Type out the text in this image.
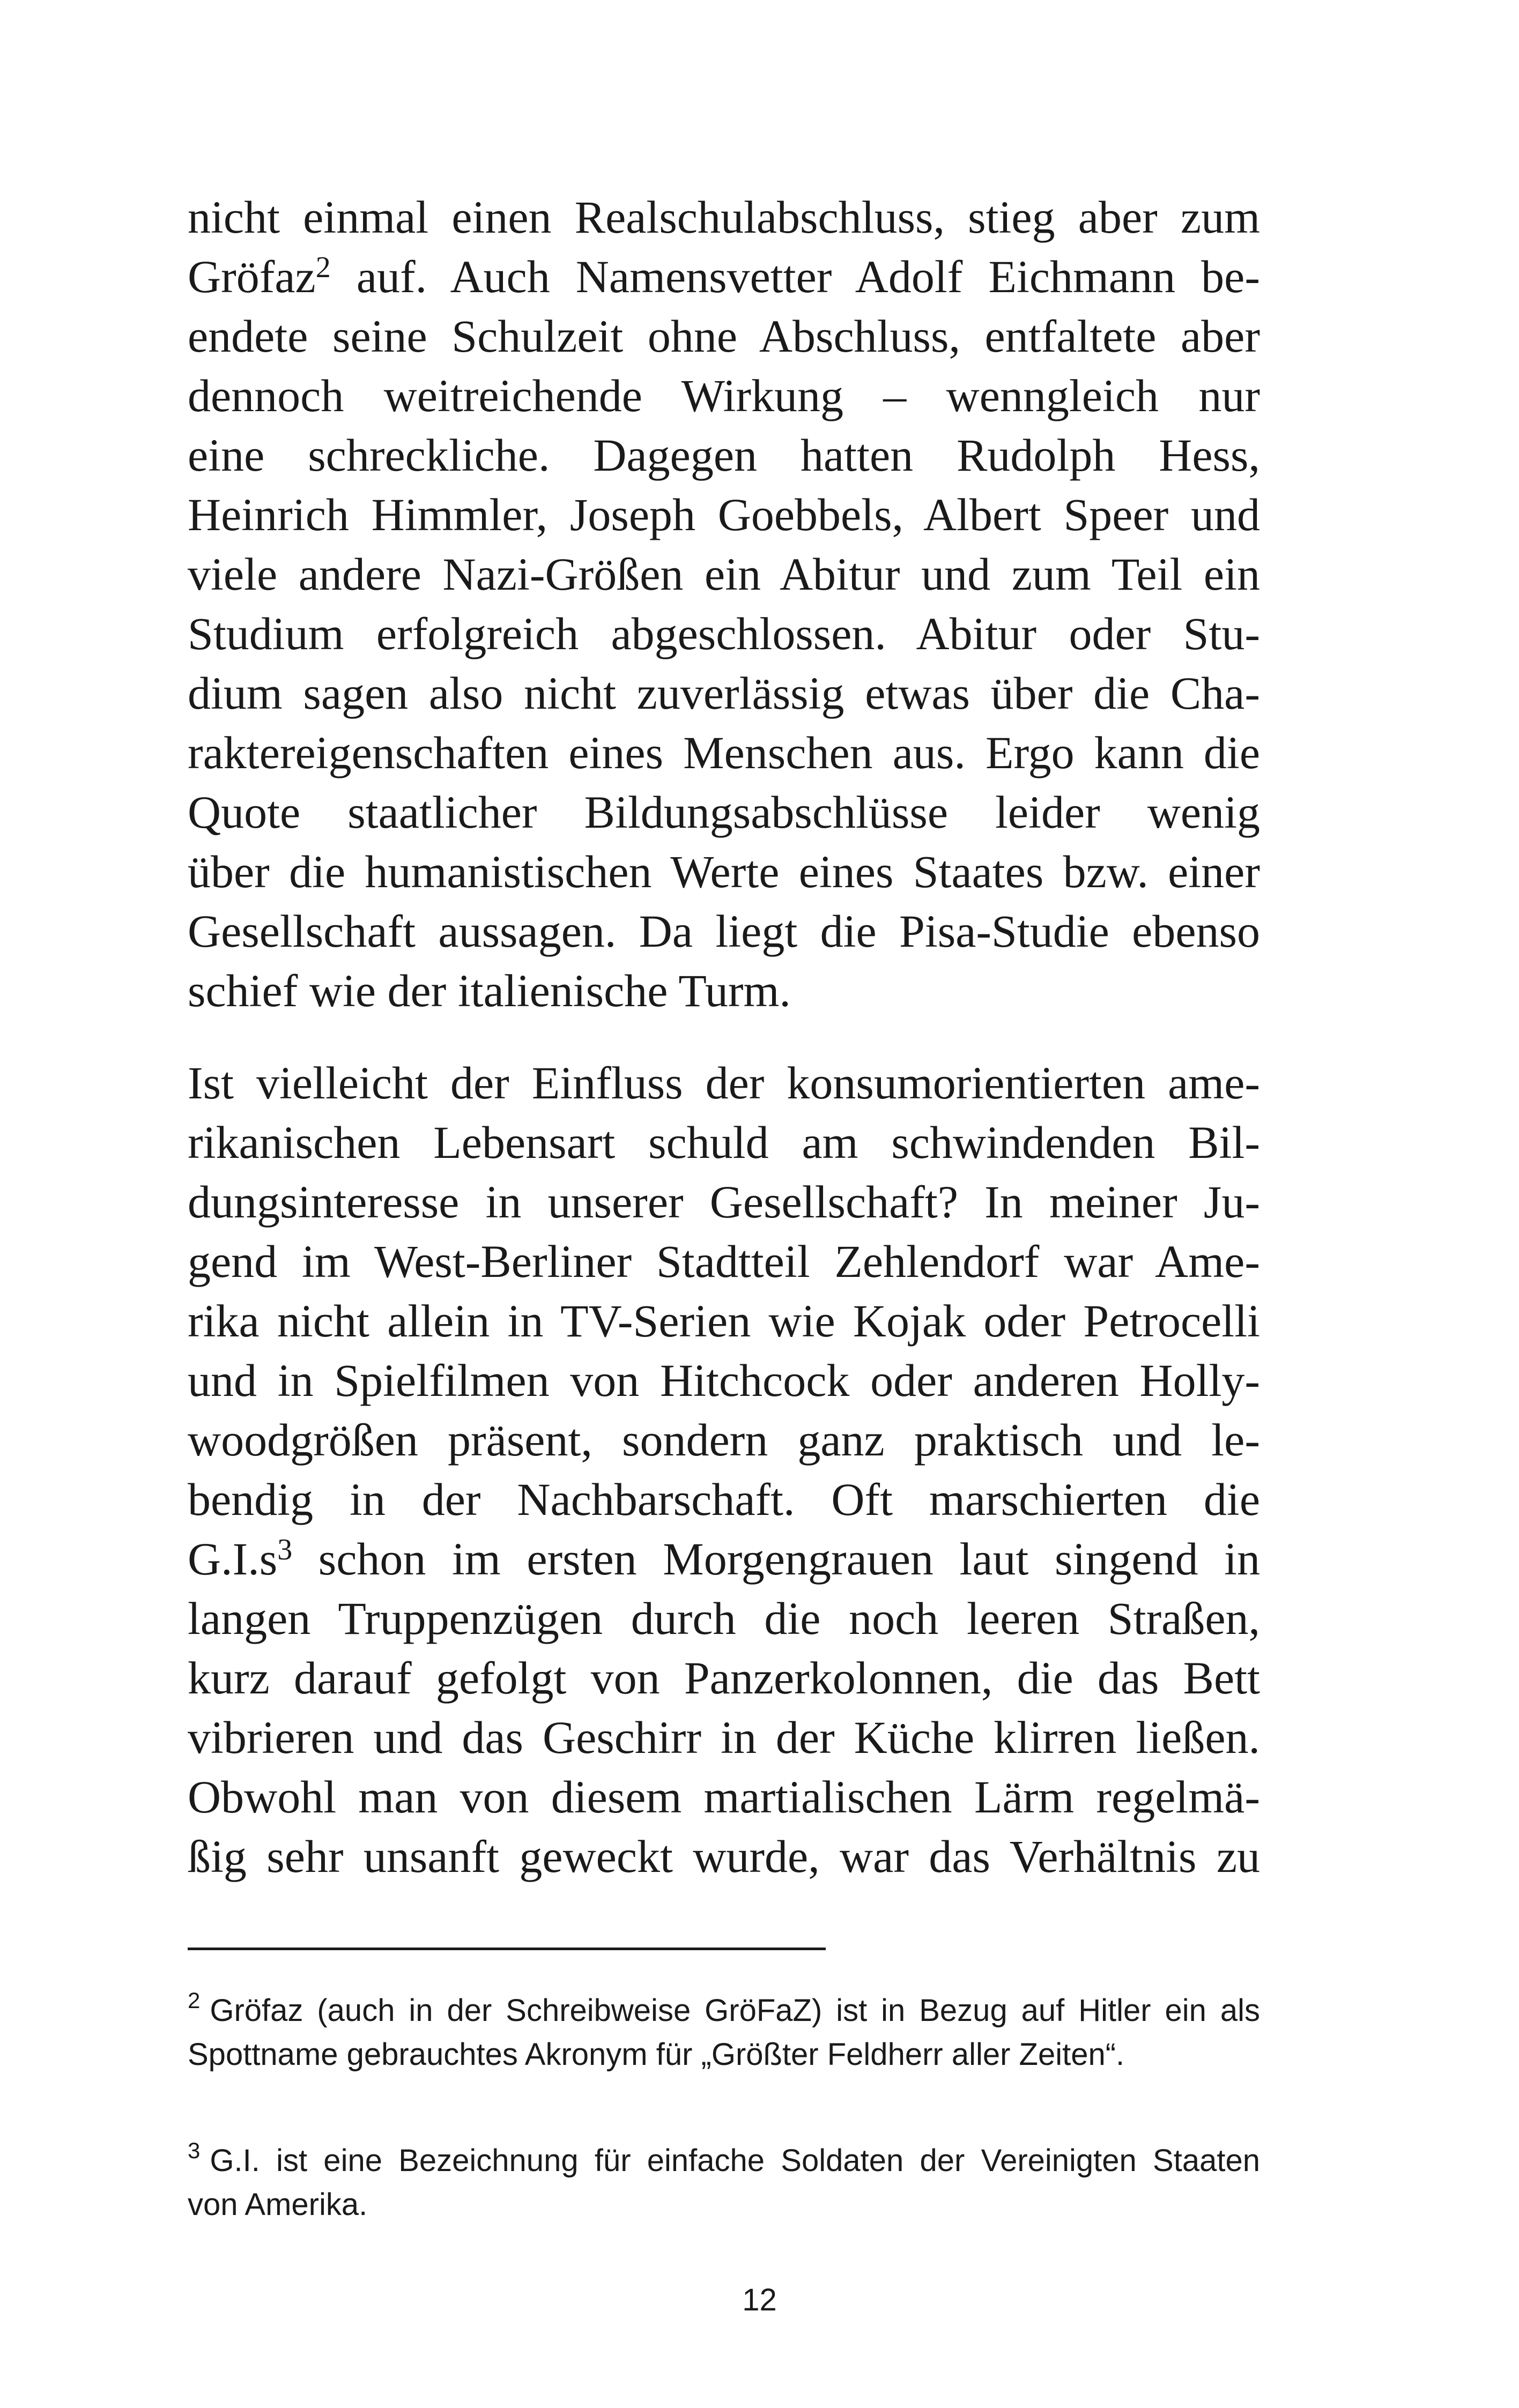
nicht einmal einen Realschulabschluss, stieg aber zum
Gröfaz$^2$ auf. Auch Namensvetter Adolf Eichmann be-
endete seine Schulzeit ohne Abschluss, entfaltete aber
dennoch weitreichende Wirkung – wenngleich nur
eine schreckliche. Dagegen hatten Rudolph Hess,
Heinrich Himmler, Joseph Goebbels, Albert Speer und
viele andere Nazi-Größen ein Abitur und zum Teil ein
Studium erfolgreich abgeschlossen. Abitur oder Stu-
dium sagen also nicht zuverlässig etwas über die Cha-
raktereigenschaften eines Menschen aus. Ergo kann die
Quote staatlicher Bildungsabschlüsse leider wenig
über die humanistischen Werte eines Staates bzw. einer
Gesellschaft aussagen. Da liegt die Pisa-Studie ebenso
schief wie der italienische Turm.
Ist vielleicht der Einfluss der konsumorientierten ame-
rikanischen Lebensart schuld am schwindenden Bil-
dungsinteresse in unserer Gesellschaft? In meiner Ju-
gend im West-Berliner Stadtteil Zehlendorf war Ame-
rika nicht allein in TV-Serien wie Kojak oder Petrocelli
und in Spielfilmen von Hitchcock oder anderen Holly-
woodgrößen präsent, sondern ganz praktisch und le-
bendig in der Nachbarschaft. Oft marschierten die
G.I.s$^3$ schon im ersten Morgengrauen laut singend in
langen Truppenzügen durch die noch leeren Straßen,
kurz darauf gefolgt von Panzerkolonnen, die das Bett
vibrieren und das Geschirr in der Küche klirren ließen.
Obwohl man von diesem martialischen Lärm regelmä-
ßig sehr unsanft geweckt wurde, war das Verhältnis zu
$^2$ Gröfaz (auch in der Schreibweise GröFaZ) ist in Bezug auf Hitler ein als
Spottname gebrauchtes Akronym für „Größter Feldherr aller Zeiten“.
$^3$ G.I. ist eine Bezeichnung für einfache Soldaten der Vereinigten Staaten
von Amerika.
12
